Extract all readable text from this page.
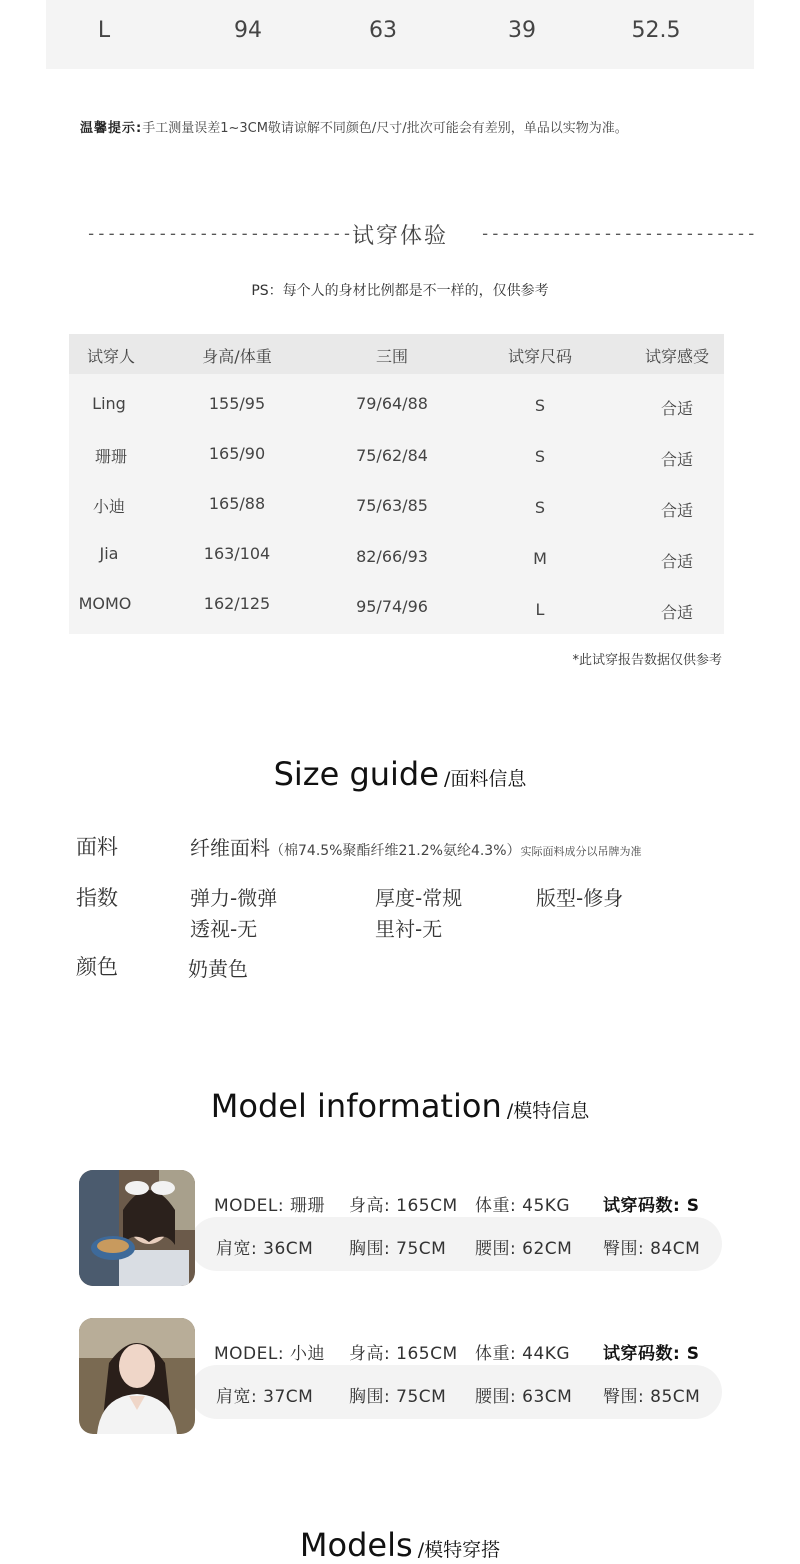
L	94	63	39	52.5
温馨提示:手工测量误差1~3CM敬请谅解不同颜色/尺寸/批次可能会有差别，单品以实物为准。
---------------------------
试穿体验	---------------------------
PS：每个人的身材比例都是不一样的，仅供参考
试穿人	身高/体重	三围	试穿尺码	试穿感受
Ling	155/95	79/64/88	S	合适
珊珊	165/90	75/62/84	S	合适
小迪	165/88	75/63/85	S	合适
Jia	163/104	82/66/93	M	合适
MOMO	162/125	95/74/96	L	合适
*此试穿报告数据仅供参考
Size guide /面料信息
面料	纤维面料（棉74.5%聚酯纤维21.2%氨纶4.3%）实际面料成分以吊牌为准
指数	弹力-微弹	厚度-常规	版型-修身
透视-无	里衬-无
颜色	奶黄色
Model information /模特信息
MODEL: 珊珊 身高: 165CM 体重: 45KG 试穿码数: S
肩宽: 36CM 胸围: 75CM 腰围: 62CM 臀围: 84CM
MODEL: 小迪 身高: 165CM 体重: 44KG 试穿码数: S
肩宽: 37CM 胸围: 75CM 腰围: 63CM 臀围: 85CM
Models /模特穿搭
